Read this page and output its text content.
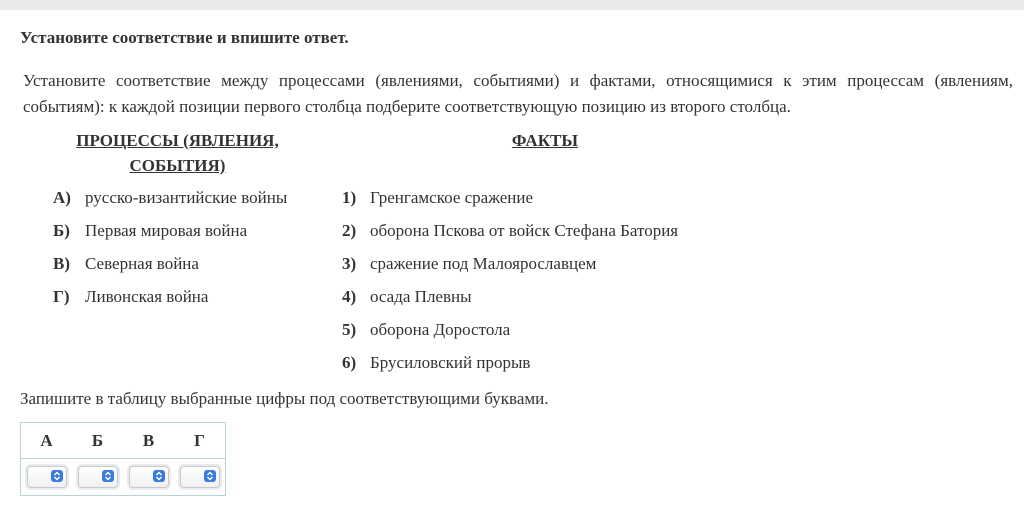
Установите соответствие и впишите ответ.
Установите соответствие между процессами (явлениями, событиями) и фактами, относящимися к этим процессам (явлениям, событиям): к каждой позиции первого столбца подберите соответствующую позицию из второго столбца.
ПРОЦЕССЫ (ЯВЛЕНИЯ,
СОБЫТИЯ)
ФАКТЫ
А) русско-византийские войны
Б) Первая мировая война
В) Северная война
Г) Ливонская война
1) Гренгамское сражение
2) оборона Пскова от войск Стефана Батория
3) сражение под Малоярославцем
4) осада Плевны
5) оборона Доростола
6) Брусиловский прорыв
Запишите в таблицу выбранные цифры под соответствующими буквами.
А	Б	В	Г
